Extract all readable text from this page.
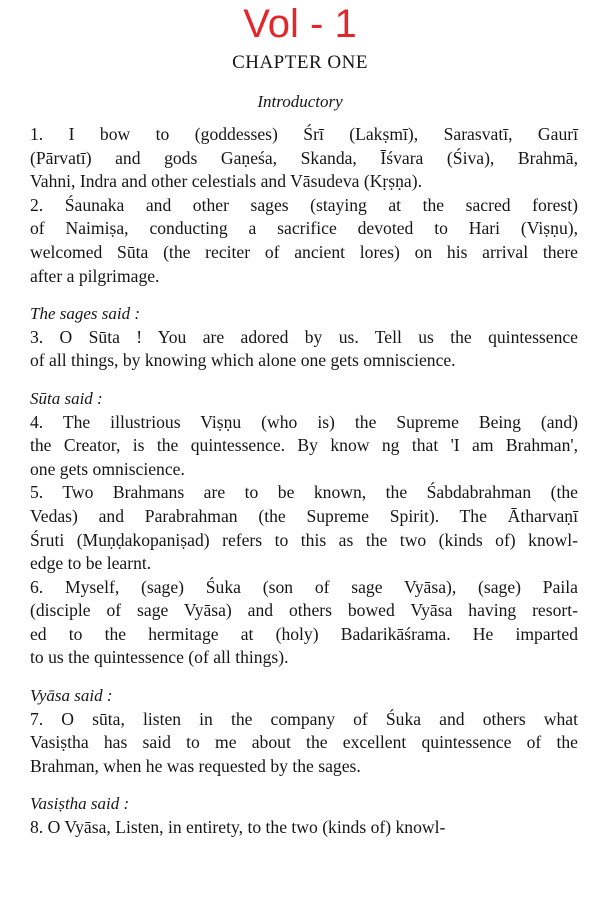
Vol - 1
CHAPTER ONE
Introductory

1. I bow to (goddesses) Śrī (Lakṣmī), Sarasvatī, Gaurī
(Pārvatī) and gods Gaṇeśa, Skanda, Īśvara (Śiva), Brahmā,
Vahni, Indra and other celestials and Vāsudeva (Kṛṣṇa).

2. Śaunaka and other sages (staying at the sacred forest)
of Naimiṣa, conducting a sacrifice devoted to Hari (Viṣṇu),
welcomed Sūta (the reciter of ancient lores) on his arrival there
after a pilgrimage.

The sages said :

3. O Sūta ! You are adored by us. Tell us the quintessence
of all things, by knowing which alone one gets omniscience.

Sūta said :

4. The illustrious Viṣṇu (who is) the Supreme Being (and)
the Creator, is the quintessence. By know ng that 'I am Brahman',
one gets omniscience.

5. Two Brahmans are to be known, the Śabdabrahman (the
Vedas) and Parabrahman (the Supreme Spirit). The Ātharvaṇī
Śruti (Muṇḍakopaniṣad) refers to this as the two (kinds of) knowl-
edge to be learnt.

6. Myself, (sage) Śuka (son of sage Vyāsa), (sage) Paila
(disciple of sage Vyāsa) and others bowed Vyāsa having resort-
ed to the hermitage at (holy) Badarikāśrama. He imparted
to us the quintessence (of all things).

Vyāsa said :

7. O sūta, listen in the company of Śuka and others what
Vasiṣtha has said to me about the excellent quintessence of the
Brahman, when he was requested by the sages.

Vasiṣtha said :

8. O Vyāsa, Listen, in entirety, to the two (kinds of) knowl-
